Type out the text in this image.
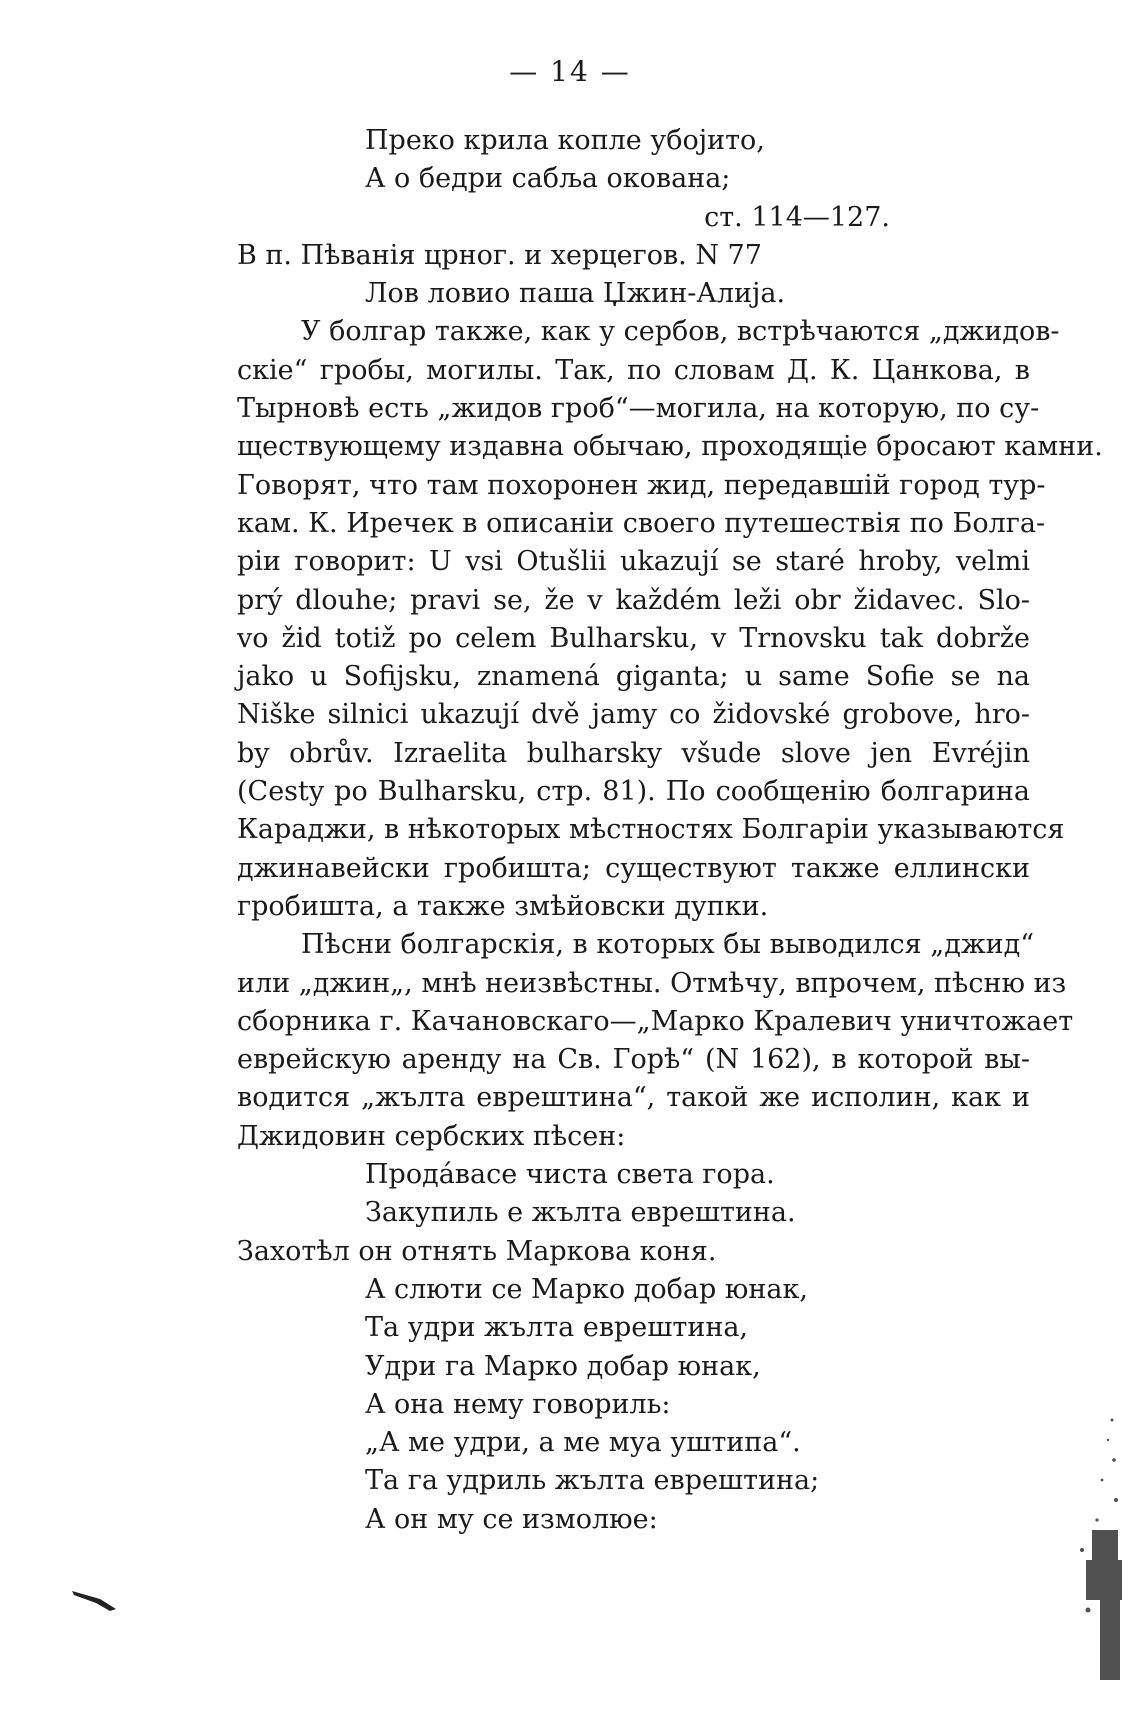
— 14 —
Преко крила копле убојито,
А о бедри сабља окована;
ст. 114—127.
В п. Пѣванія црног. и херцегов. N 77
Лов ловио паша Џжин-Алија.
У болгар также, как у сербов, встрѣчаются „джидов-
скіе“ гробы, могилы. Так, по словам Д. К. Цанкова, в
Тырновѣ есть „жидов гроб“—могила, на которую, по су-
ществующему издавна обычаю, проходящіе бросают камни.
Говорят, что там похоронен жид, передавшій город тур-
кам. К. Иречек в описаніи своего путешествія по Болга-
ріи говорит: U vsi Otušlii ukazují se staré hroby, velmi
prý dlouhe; pravi se, že v každém leži obr židavec. Slo-
vo žid totiž po celem Bulharsku, v Trnovsku tak dobrže
jako u Sofijsku, znamená giganta; u same Sofie se na
Niške silnici ukazují dvě jamy co židovské grobove, hro-
by obrův. Izraelita bulharsky všude slove jen Evréjin
(Cesty po Bulharsku, стр. 81). По сообщенію болгарина
Караджи, в нѣкоторых мѣстностях Болгаріи указываются
джинавейски гробишта; существуют также еллински
гробишта, а также змѣйовски дупки.
Пѣсни болгарскія, в которых бы выводился „джид“
или „джин„, мнѣ неизвѣстны. Отмѣчу, впрочем, пѣсню из
сборника г. Качановскаго—„Марко Кралевич уничтожает
еврейскую аренду на Св. Горѣ“ (N 162), в которой вы-
водится „жълта еврештина“, такой же исполин, как и
Джидовин сербских пѣсен:
Продáвасе чиста света гора.
Закупиль е жълта еврештина.
Захотѣл он отнять Маркова коня.
А слюти се Марко добар юнак,
Та удри жълта еврештина,
Удри га Марко добар юнак,
А она нему говориль:
„А ме удри, а ме муа уштипа“.
Та га удриль жълта еврештина;
А он му се измолюе:
